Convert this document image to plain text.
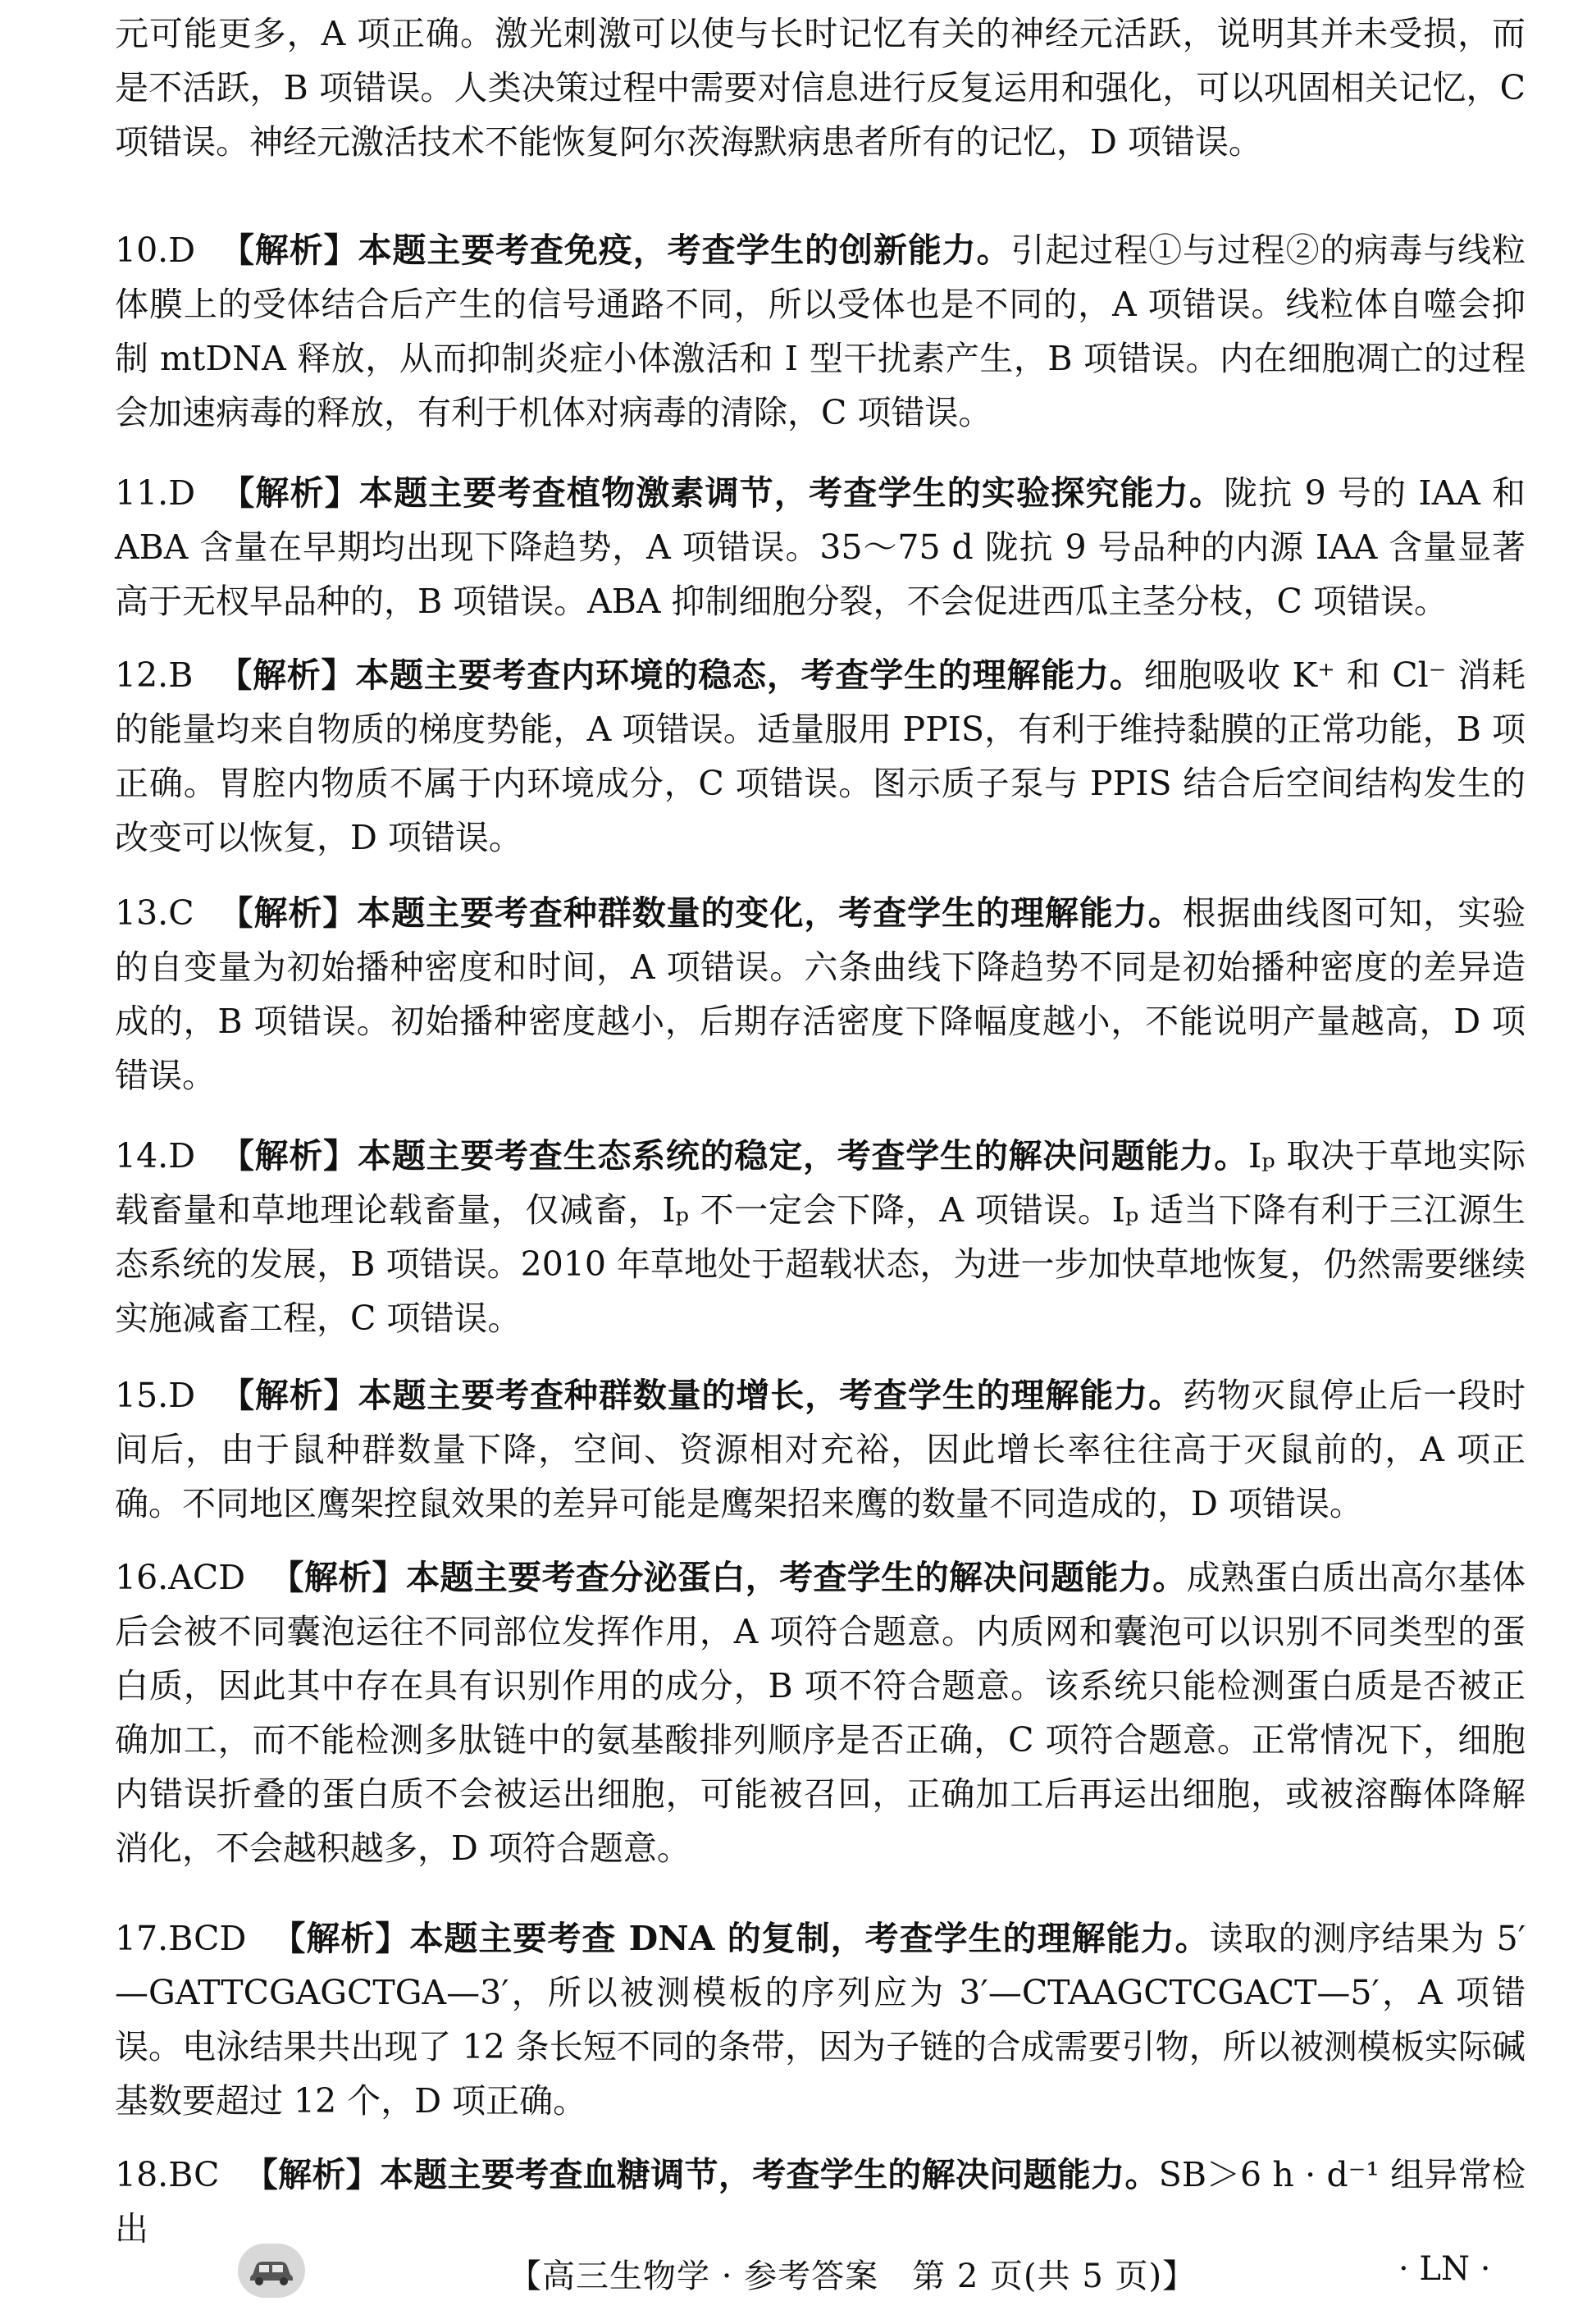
元可能更多，A 项正确。激光刺激可以使与长时记忆有关的神经元活跃，说明其并未受损，而是不活跃，B 项错误。人类决策过程中需要对信息进行反复运用和强化，可以巩固相关记忆，C 项错误。神经元激活技术不能恢复阿尔茨海默病患者所有的记忆，D 项错误。

10.D 【解析】本题主要考查免疫，考查学生的创新能力。引起过程①与过程②的病毒与线粒体膜上的受体结合后产生的信号通路不同，所以受体也是不同的，A 项错误。线粒体自噬会抑制 mtDNA 释放，从而抑制炎症小体激活和 Ⅰ 型干扰素产生，B 项错误。内在细胞凋亡的过程会加速病毒的释放，有利于机体对病毒的清除，C 项错误。

11.D 【解析】本题主要考查植物激素调节，考查学生的实验探究能力。陇抗 9 号的 IAA 和 ABA 含量在早期均出现下降趋势，A 项错误。35～75 d 陇抗 9 号品种的内源 IAA 含量显著高于无杈早品种的，B 项错误。ABA 抑制细胞分裂，不会促进西瓜主茎分枝，C 项错误。

12.B 【解析】本题主要考查内环境的稳态，考查学生的理解能力。细胞吸收 K⁺ 和 Cl⁻ 消耗的能量均来自物质的梯度势能，A 项错误。适量服用 PPIS，有利于维持黏膜的正常功能，B 项正确。胃腔内物质不属于内环境成分，C 项错误。图示质子泵与 PPIS 结合后空间结构发生的改变可以恢复，D 项错误。

13.C 【解析】本题主要考查种群数量的变化，考查学生的理解能力。根据曲线图可知，实验的自变量为初始播种密度和时间，A 项错误。六条曲线下降趋势不同是初始播种密度的差异造成的，B 项错误。初始播种密度越小，后期存活密度下降幅度越小，不能说明产量越高，D 项错误。

14.D 【解析】本题主要考查生态系统的稳定，考查学生的解决问题能力。Iₚ 取决于草地实际载畜量和草地理论载畜量，仅减畜，Iₚ 不一定会下降，A 项错误。Iₚ 适当下降有利于三江源生态系统的发展，B 项错误。2010 年草地处于超载状态，为进一步加快草地恢复，仍然需要继续实施减畜工程，C 项错误。

15.D 【解析】本题主要考查种群数量的增长，考查学生的理解能力。药物灭鼠停止后一段时间后，由于鼠种群数量下降，空间、资源相对充裕，因此增长率往往高于灭鼠前的，A 项正确。不同地区鹰架控鼠效果的差异可能是鹰架招来鹰的数量不同造成的，D 项错误。

16.ACD 【解析】本题主要考查分泌蛋白，考查学生的解决问题能力。成熟蛋白质出高尔基体后会被不同囊泡运往不同部位发挥作用，A 项符合题意。内质网和囊泡可以识别不同类型的蛋白质，因此其中存在具有识别作用的成分，B 项不符合题意。该系统只能检测蛋白质是否被正确加工，而不能检测多肽链中的氨基酸排列顺序是否正确，C 项符合题意。正常情况下，细胞内错误折叠的蛋白质不会被运出细胞，可能被召回，正确加工后再运出细胞，或被溶酶体降解消化，不会越积越多，D 项符合题意。

17.BCD 【解析】本题主要考查 DNA 的复制，考查学生的理解能力。读取的测序结果为 5′—GATTCGAGCTGA—3′，所以被测模板的序列应为 3′—CTAAGCTCGACT—5′，A 项错误。电泳结果共出现了 12 条长短不同的条带，因为子链的合成需要引物，所以被测模板实际碱基数要超过 12 个，D 项正确。

18.BC 【解析】本题主要考查血糖调节，考查学生的解决问题能力。SB＞6 h · d⁻¹ 组异常检出

【高三生物学 · 参考答案　第 2 页(共 5 页)】	· LN ·
